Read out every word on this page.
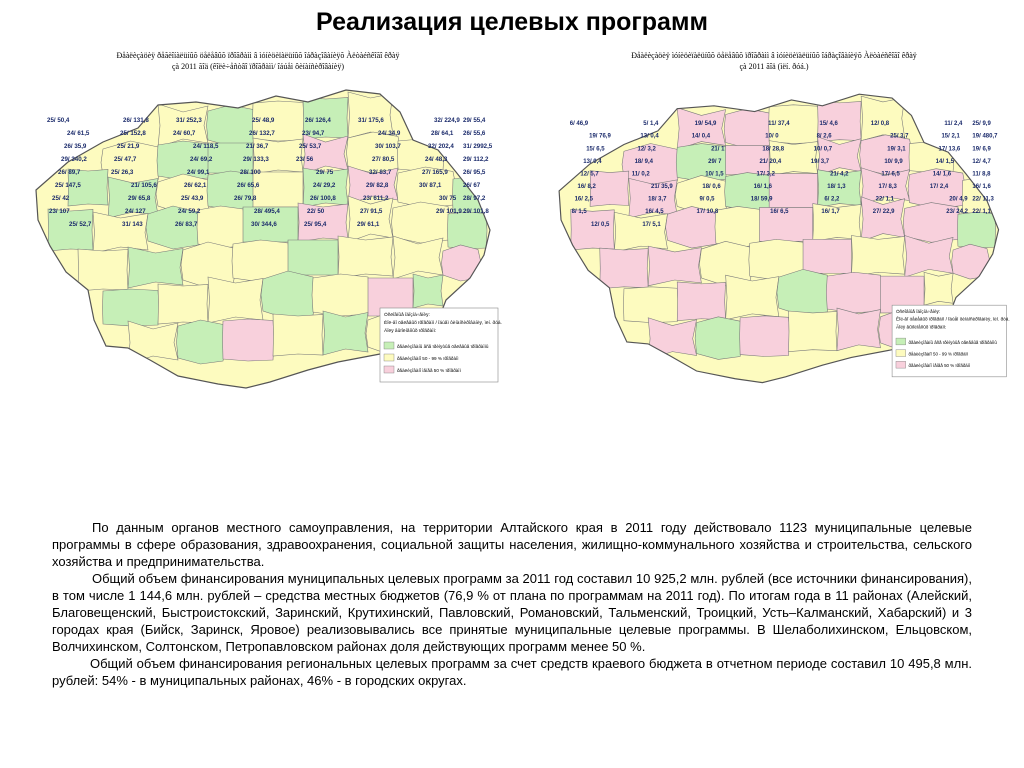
Реализация целевых программ
Ðåàëèçàöèÿ ðåãèîíàëüíûõ öåëåâûõ ïðîãðàìì â ìóíèöèïàëüíûõ îáðàçîâàíèÿõ Àëòàéñêîãî êðàÿ
çà 2011 ãîä (êîëè÷åñòâî ïðîãðàìì/ îáúåì ôèíàíñèðîâàíèÿ)
25/ 50,4	26/ 131,8	31/ 252,3	25/ 48,9	26/ 126,4	31/ 175,6	32/ 224,9 29/ 55,4
24/ 61,5	25/ 152,8	24/ 60,7	26/ 132,7	23/ 94,7	24/ 34,9	28/ 64,1 26/ 55,6
26/ 35,9	25/ 21,9	24/ 118,5	21/ 36,7	25/ 53,7	30/ 103,7	32/ 202,4 31/ 2992,5
29/ 340,2	25/ 47,7	24/ 69,2	29/ 133,3	23/ 56	27/ 80,5	24/ 48,3	29/ 112,2
26/ 89,7	25/ 26,3	24/ 99,1	28/ 100	29/ 75	32/ 83,7	27/ 165,9 26/ 95,5
25/ 147,5	21/ 105,6	26/ 62,1	26/ 65,6	24/ 29,2	29/ 82,8	30/ 87,1	26/ 67
25/ 42	29/ 65,8	25/ 43,9	26/ 79,8	26/ 100,8	23/ 611,2	30/ 75 28/ 97,2
23/ 107	24/ 127	24/ 59,2	28/ 495,4	22/ 50	27/ 91,5	29/ 101,9 29/ 101,8
25/ 52,7	31/ 143	26/ 83,7	30/ 344,6	25/ 95,4	29/ 61,1
Óñëîâíûå îáîçíà÷åíèÿ:
Êîë-âî öåëåâûõ ïðîãðàìì / îáúåì ôèíàíñèðîâàíèÿ, ìëí. ðóá.
Äîëÿ âûïîëíåííûõ ïðîãðàìì:
ðåàëèçîâàíû âñå ïðèíÿòûå öåëåâûå ïðîãðàììû
ðåàëèçîâàíî 50 - 99 % ïðîãðàìì
ðåàëèçîâàíî ìåíåå 50 % ïðîãðàìì
Ðåàëèçàöèÿ ìóíèöèïàëüíûõ öåëåâûõ ïðîãðàìì â ìóíèöèïàëüíûõ îáðàçîâàíèÿõ Àëòàéñêîãî êðàÿ
çà 2011 ãîä (ìëí. ðóá.)
6/ 46,9	5/ 1,4	19/ 54,9	11/ 37,4	15/ 4,6	12/ 0,8	11/ 2,4 25/ 9,9
19/ 76,9	13/ 0,4	14/ 0,4	10/ 0	8/ 2,6	25/ 3,7	15/ 2,1 19/ 480,7
15/ 6,5	12/ 3,2	21/ 1	18/ 28,8	10/ 0,7	19/ 3,1	17/ 13,6 19/ 6,9
13/ 0,4	18/ 9,4	29/ 7	21/ 20,4	19/ 3,7	10/ 9,9	14/ 1,5	12/ 4,7
12/ 5,7	11/ 0,2	10/ 1,5	17/ 3,2	21/ 4,2	17/ 6,5	14/ 1,6	11/ 8,8
16/ 8,2	21/ 35,9	18/ 0,6	16/ 1,6	18/ 1,3	17/ 8,3	17/ 2,4	16/ 1,6
16/ 2,5	18/ 3,7	9/ 0,5	18/ 59,9	6/ 2,2	22/ 1,1	20/ 4,9 22/ 11,3
8/ 1,5	16/ 4,5	17/ 10,8	16/ 6,5	16/ 1,7	27/ 22,9	23/ 24,2 22/ 1,1
12/ 0,5	17/ 5,1
Óñëîâíûå îáîçíà÷åíèÿ:
Êîë-âî öåëåâûõ ïðîãðàìì / îáúåì ôèíàíñèðîâàíèÿ, ìëí. ðóá.
Äîëÿ âûïîëíåííûõ ïðîãðàìì:
ðåàëèçîâàíû âñå ïðèíÿòûå öåëåâûå ïðîãðàììû
ðåàëèçîâàíî 50 - 99 % ïðîãðàìì
ðåàëèçîâàíî ìåíåå 50 % ïðîãðàìì

По данным органов местного самоуправления, на территории Алтайского края в 2011 году действовало 1123 муниципальные целевые программы в сфере образования, здравоохранения, социальной защиты населения, жилищно-коммунального хозяйства и строительства, сельского хозяйства и предпринимательства.

Общий объем финансирования муниципальных целевых программ за 2011 год составил 10 925,2 млн. рублей (все источники финансирования), в том числе 1 144,6 млн. рублей – средства местных бюджетов (76,9 % от плана по программам на 2011 год). По итогам года в 11 районах (Алейский, Благовещенский, Быстроистокский, Заринский, Крутихинский, Павловский, Романовский, Тальменский, Троицкий, Усть–Калманский, Хабарский) и 3 городах края (Бийск, Заринск, Яровое) реализовывались все принятые муниципальные целевые программы. В Шелаболихинском, Ельцовском, Волчихинском, Солтонском, Петропавловском районах доля действующих программ менее 50 %.

Общий объем финансирования региональных целевых программ за счет средств краевого бюджета в отчетном периоде составил 10 495,8 млн. рублей: 54% - в муниципальных районах, 46% - в городских округах.
